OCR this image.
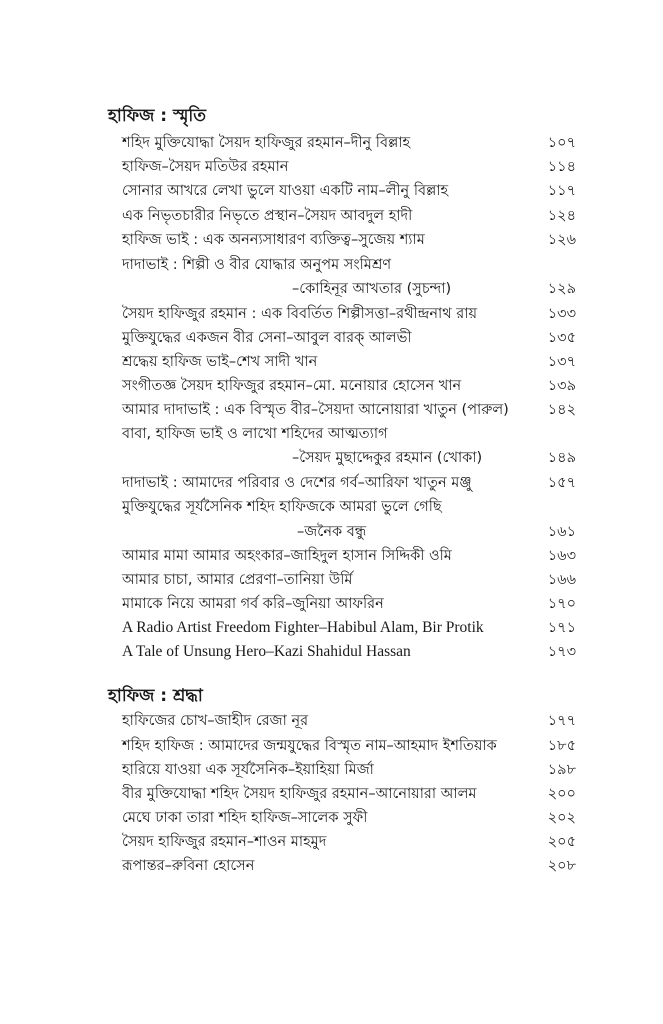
হাফিজ : স্মৃতি
শহিদ মুক্তিযোদ্ধা সৈয়দ হাফিজুর রহমান–দীনু বিল্লাহ	১০৭
হাফিজ–সৈয়দ মতিউর রহমান	১১৪
সোনার আখরে লেখা ভুলে যাওয়া একটি নাম–লীনু বিল্লাহ	১১৭
এক নিভৃতচারীর নিভৃতে প্রস্থান–সৈয়দ আবদুল হাদী	১২৪
হাফিজ ভাই : এক অনন্যসাধারণ ব্যক্তিত্ব–সুজেয় শ্যাম	১২৬
দাদাভাই : শিল্পী ও বীর যোদ্ধার অনুপম সংমিশ্রণ
–কোহিনূর আখতার (সুচন্দা)	১২৯
সৈয়দ হাফিজুর রহমান : এক বিবর্তিত শিল্পীসত্তা–রথীন্দ্রনাথ রায়	১৩৩
মুক্তিযুদ্ধের একজন বীর সেনা–আবুল বারক্ আলভী	১৩৫
শ্রদ্ধেয় হাফিজ ভাই–শেখ সাদী খান	১৩৭
সংগীতজ্ঞ সৈয়দ হাফিজুর রহমান–মো. মনোয়ার হোসেন খান	১৩৯
আমার দাদাভাই : এক বিস্মৃত বীর–সৈয়দা আনোয়ারা খাতুন (পারুল)	১৪২
বাবা, হাফিজ ভাই ও লাখো শহিদের আত্মত্যাগ
–সৈয়দ মুছাদ্দেকুর রহমান (খোকা)	১৪৯
দাদাভাই : আমাদের পরিবার ও দেশের গর্ব–আরিফা খাতুন মঞ্জু	১৫৭
মুক্তিযুদ্ধের সূর্যসৈনিক শহিদ হাফিজকে আমরা ভুলে গেছি
–জনৈক বন্ধু	১৬১
আমার মামা আমার অহংকার–জাহিদুল হাসান সিদ্দিকী ওমি	১৬৩
আমার চাচা, আমার প্রেরণা–তানিয়া উর্মি	১৬৬
মামাকে নিয়ে আমরা গর্ব করি–জুনিয়া আফরিন	১৭০
A Radio Artist Freedom Fighter–Habibul Alam, Bir Protik	১৭১
A Tale of Unsung Hero–Kazi Shahidul Hassan	১৭৩
হাফিজ : শ্রদ্ধা
হাফিজের চোখ–জাহীদ রেজা নূর	১৭৭
শহিদ হাফিজ : আমাদের জন্মযুদ্ধের বিস্মৃত নাম–আহমাদ ইশতিয়াক	১৮৫
হারিয়ে যাওয়া এক সূর্যসৈনিক–ইয়াহিয়া মির্জা	১৯৮
বীর মুক্তিযোদ্ধা শহিদ সৈয়দ হাফিজুর রহমান–আনোয়ারা আলম	২০০
মেঘে ঢাকা তারা শহিদ হাফিজ–সালেক সুফী	২০২
সৈয়দ হাফিজুর রহমান–শাওন মাহমুদ	২০৫
রূপান্তর–রুবিনা হোসেন	২০৮
